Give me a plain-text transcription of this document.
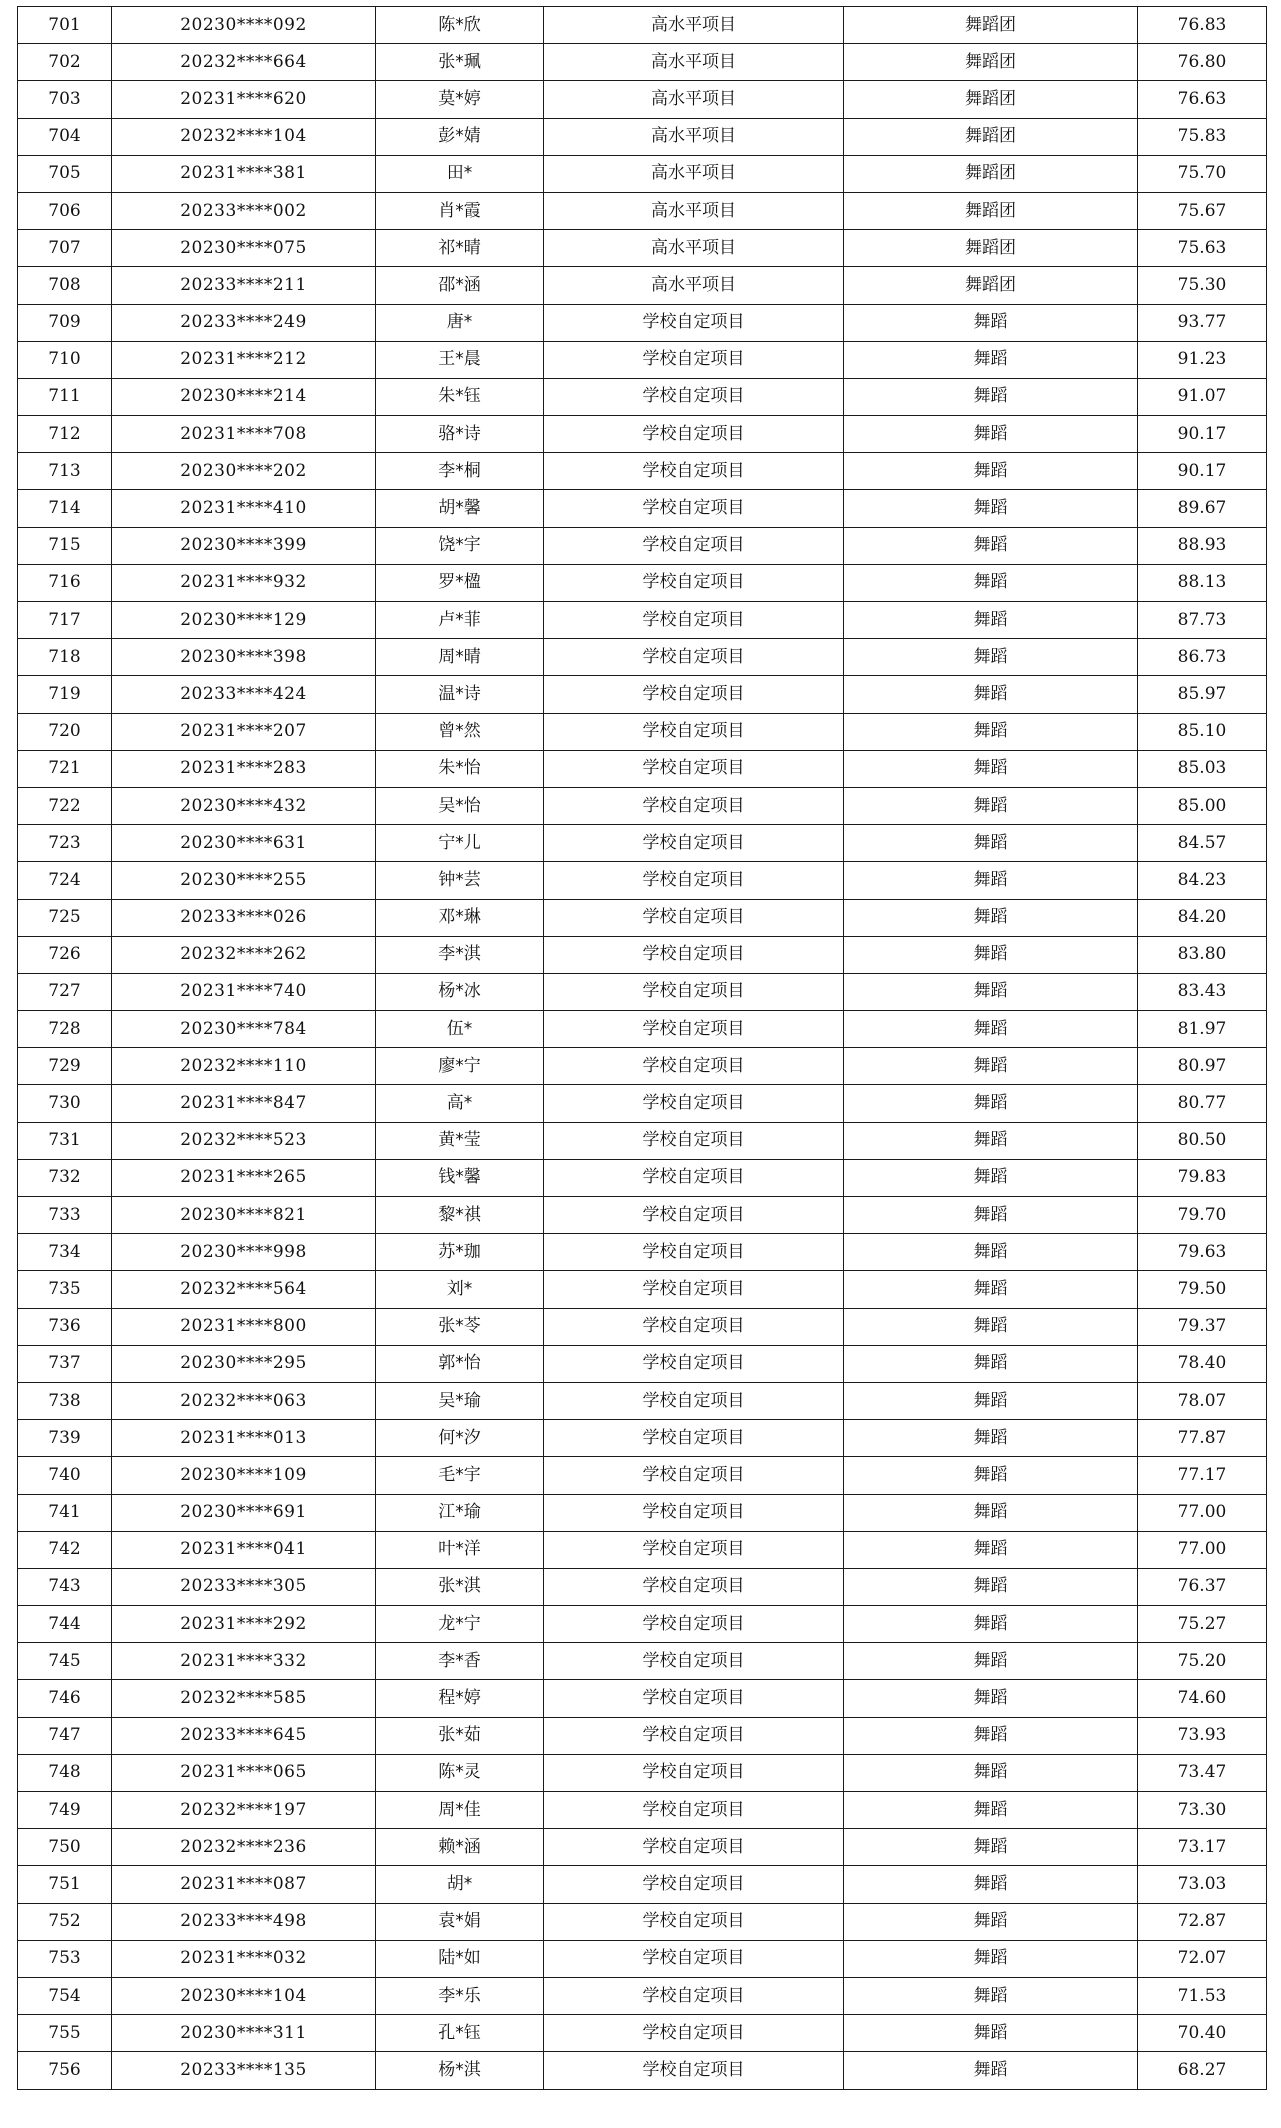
701	20230****092	陈*欣	高水平项目	舞蹈团	76.83
702	20232****664	张*珮	高水平项目	舞蹈团	76.80
703	20231****620	莫*婷	高水平项目	舞蹈团	76.63
704	20232****104	彭*婧	高水平项目	舞蹈团	75.83
705	20231****381	田*	高水平项目	舞蹈团	75.70
706	20233****002	肖*霞	高水平项目	舞蹈团	75.67
707	20230****075	祁*晴	高水平项目	舞蹈团	75.63
708	20233****211	邵*涵	高水平项目	舞蹈团	75.30
709	20233****249	唐*	学校自定项目	舞蹈	93.77
710	20231****212	王*晨	学校自定项目	舞蹈	91.23
711	20230****214	朱*钰	学校自定项目	舞蹈	91.07
712	20231****708	骆*诗	学校自定项目	舞蹈	90.17
713	20230****202	李*桐	学校自定项目	舞蹈	90.17
714	20231****410	胡*馨	学校自定项目	舞蹈	89.67
715	20230****399	饶*宇	学校自定项目	舞蹈	88.93
716	20231****932	罗*楹	学校自定项目	舞蹈	88.13
717	20230****129	卢*菲	学校自定项目	舞蹈	87.73
718	20230****398	周*晴	学校自定项目	舞蹈	86.73
719	20233****424	温*诗	学校自定项目	舞蹈	85.97
720	20231****207	曾*然	学校自定项目	舞蹈	85.10
721	20231****283	朱*怡	学校自定项目	舞蹈	85.03
722	20230****432	吴*怡	学校自定项目	舞蹈	85.00
723	20230****631	宁*儿	学校自定项目	舞蹈	84.57
724	20230****255	钟*芸	学校自定项目	舞蹈	84.23
725	20233****026	邓*琳	学校自定项目	舞蹈	84.20
726	20232****262	李*淇	学校自定项目	舞蹈	83.80
727	20231****740	杨*冰	学校自定项目	舞蹈	83.43
728	20230****784	伍*	学校自定项目	舞蹈	81.97
729	20232****110	廖*宁	学校自定项目	舞蹈	80.97
730	20231****847	高*	学校自定项目	舞蹈	80.77
731	20232****523	黄*莹	学校自定项目	舞蹈	80.50
732	20231****265	钱*馨	学校自定项目	舞蹈	79.83
733	20230****821	黎*祺	学校自定项目	舞蹈	79.70
734	20230****998	苏*珈	学校自定项目	舞蹈	79.63
735	20232****564	刘*	学校自定项目	舞蹈	79.50
736	20231****800	张*苓	学校自定项目	舞蹈	79.37
737	20230****295	郭*怡	学校自定项目	舞蹈	78.40
738	20232****063	吴*瑜	学校自定项目	舞蹈	78.07
739	20231****013	何*汐	学校自定项目	舞蹈	77.87
740	20230****109	毛*宇	学校自定项目	舞蹈	77.17
741	20230****691	江*瑜	学校自定项目	舞蹈	77.00
742	20231****041	叶*洋	学校自定项目	舞蹈	77.00
743	20233****305	张*淇	学校自定项目	舞蹈	76.37
744	20231****292	龙*宁	学校自定项目	舞蹈	75.27
745	20231****332	李*香	学校自定项目	舞蹈	75.20
746	20232****585	程*婷	学校自定项目	舞蹈	74.60
747	20233****645	张*茹	学校自定项目	舞蹈	73.93
748	20231****065	陈*灵	学校自定项目	舞蹈	73.47
749	20232****197	周*佳	学校自定项目	舞蹈	73.30
750	20232****236	赖*涵	学校自定项目	舞蹈	73.17
751	20231****087	胡*	学校自定项目	舞蹈	73.03
752	20233****498	袁*娟	学校自定项目	舞蹈	72.87
753	20231****032	陆*如	学校自定项目	舞蹈	72.07
754	20230****104	李*乐	学校自定项目	舞蹈	71.53
755	20230****311	孔*钰	学校自定项目	舞蹈	70.40
756	20233****135	杨*淇	学校自定项目	舞蹈	68.27
